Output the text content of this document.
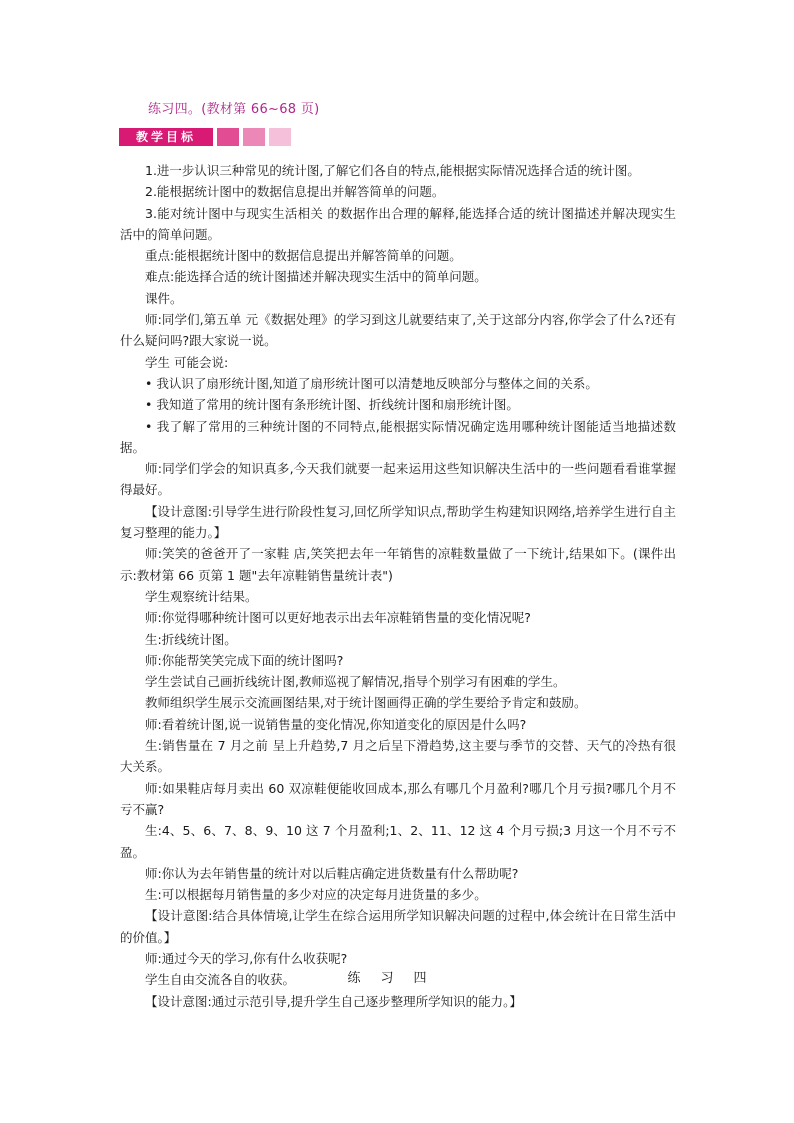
练习四。(教材第 66~68 页)
教学目标

1.进一步认识三种常见的统计图,了解它们各自的特点,能根据实际情况选择合适的统计图。

2.能根据统计图中的数据信息提出并解答简单的问题。

3.能对统计图中与现实生活相关 的数据作出合理的解释,能选择合适的统计图描述并解决现实生活中的简单问题。

重点:能根据统计图中的数据信息提出并解答简单的问题。

难点:能选择合适的统计图描述并解决现实生活中的简单问题。

课件。

师:同学们,第五单 元《数据处理》的学习到这儿就要结束了,关于这部分内容,你学会了什么?还有什么疑问吗?跟大家说一说。

学生 可能会说:

• 我认识了扇形统计图,知道了扇形统计图可以清楚地反映部分与整体之间的关系。

• 我知道了常用的统计图有条形统计图、折线统计图和扇形统计图。

• 我了解了常用的三种统计图的不同特点,能根据实际情况确定选用哪种统计图能适当地描述数据。

师:同学们学会的知识真多,今天我们就要一起来运用这些知识解决生活中的一些问题看看谁掌握得最好。

【设计意图:引导学生进行阶段性复习,回忆所学知识点,帮助学生构建知识网络,培养学生进行自主复习整理的能力。】

师:笑笑的爸爸开了一家鞋 店,笑笑把去年一年销售的凉鞋数量做了一下统计,结果如下。(课件出示:教材第 66 页第 1 题"去年凉鞋销售量统计表")

学生观察统计结果。

师:你觉得哪种统计图可以更好地表示出去年凉鞋销售量的变化情况呢?

生:折线统计图。

师:你能帮笑笑完成下面的统计图吗?

学生尝试自己画折线统计图,教师巡视了解情况,指导个别学习有困难的学生。

教师组织学生展示交流画图结果,对于统计图画得正确的学生要给予肯定和鼓励。

师:看着统计图,说一说销售量的变化情况,你知道变化的原因是什么吗?

生:销售量在 7 月之前 呈上升趋势,7 月之后呈下滑趋势,这主要与季节的交替、天气的冷热有很大关系。

师:如果鞋店每月卖出 60 双凉鞋便能收回成本,那么有哪几个月盈利?哪几个月亏损?哪几个月不亏不赢?

生:4、5、6、7、8、9、10 这 7 个月盈利;1、2、11、12 这 4 个月亏损;3 月这一个月不亏不盈。

师:你认为去年销售量的统计对以后鞋店确定进货数量有什么帮助呢?

生:可以根据每月销售量的多少对应的决定每月进货量的多少。

【设计意图:结合具体情境,让学生在综合运用所学知识解决问题的过程中,体会统计在日常生活中的价值。】

师:通过今天的学习,你有什么收获呢?

学生自由交流各自的收获。

【设计意图:通过示范引导,提升学生自己逐步整理所学知识的能力。】

练习四
